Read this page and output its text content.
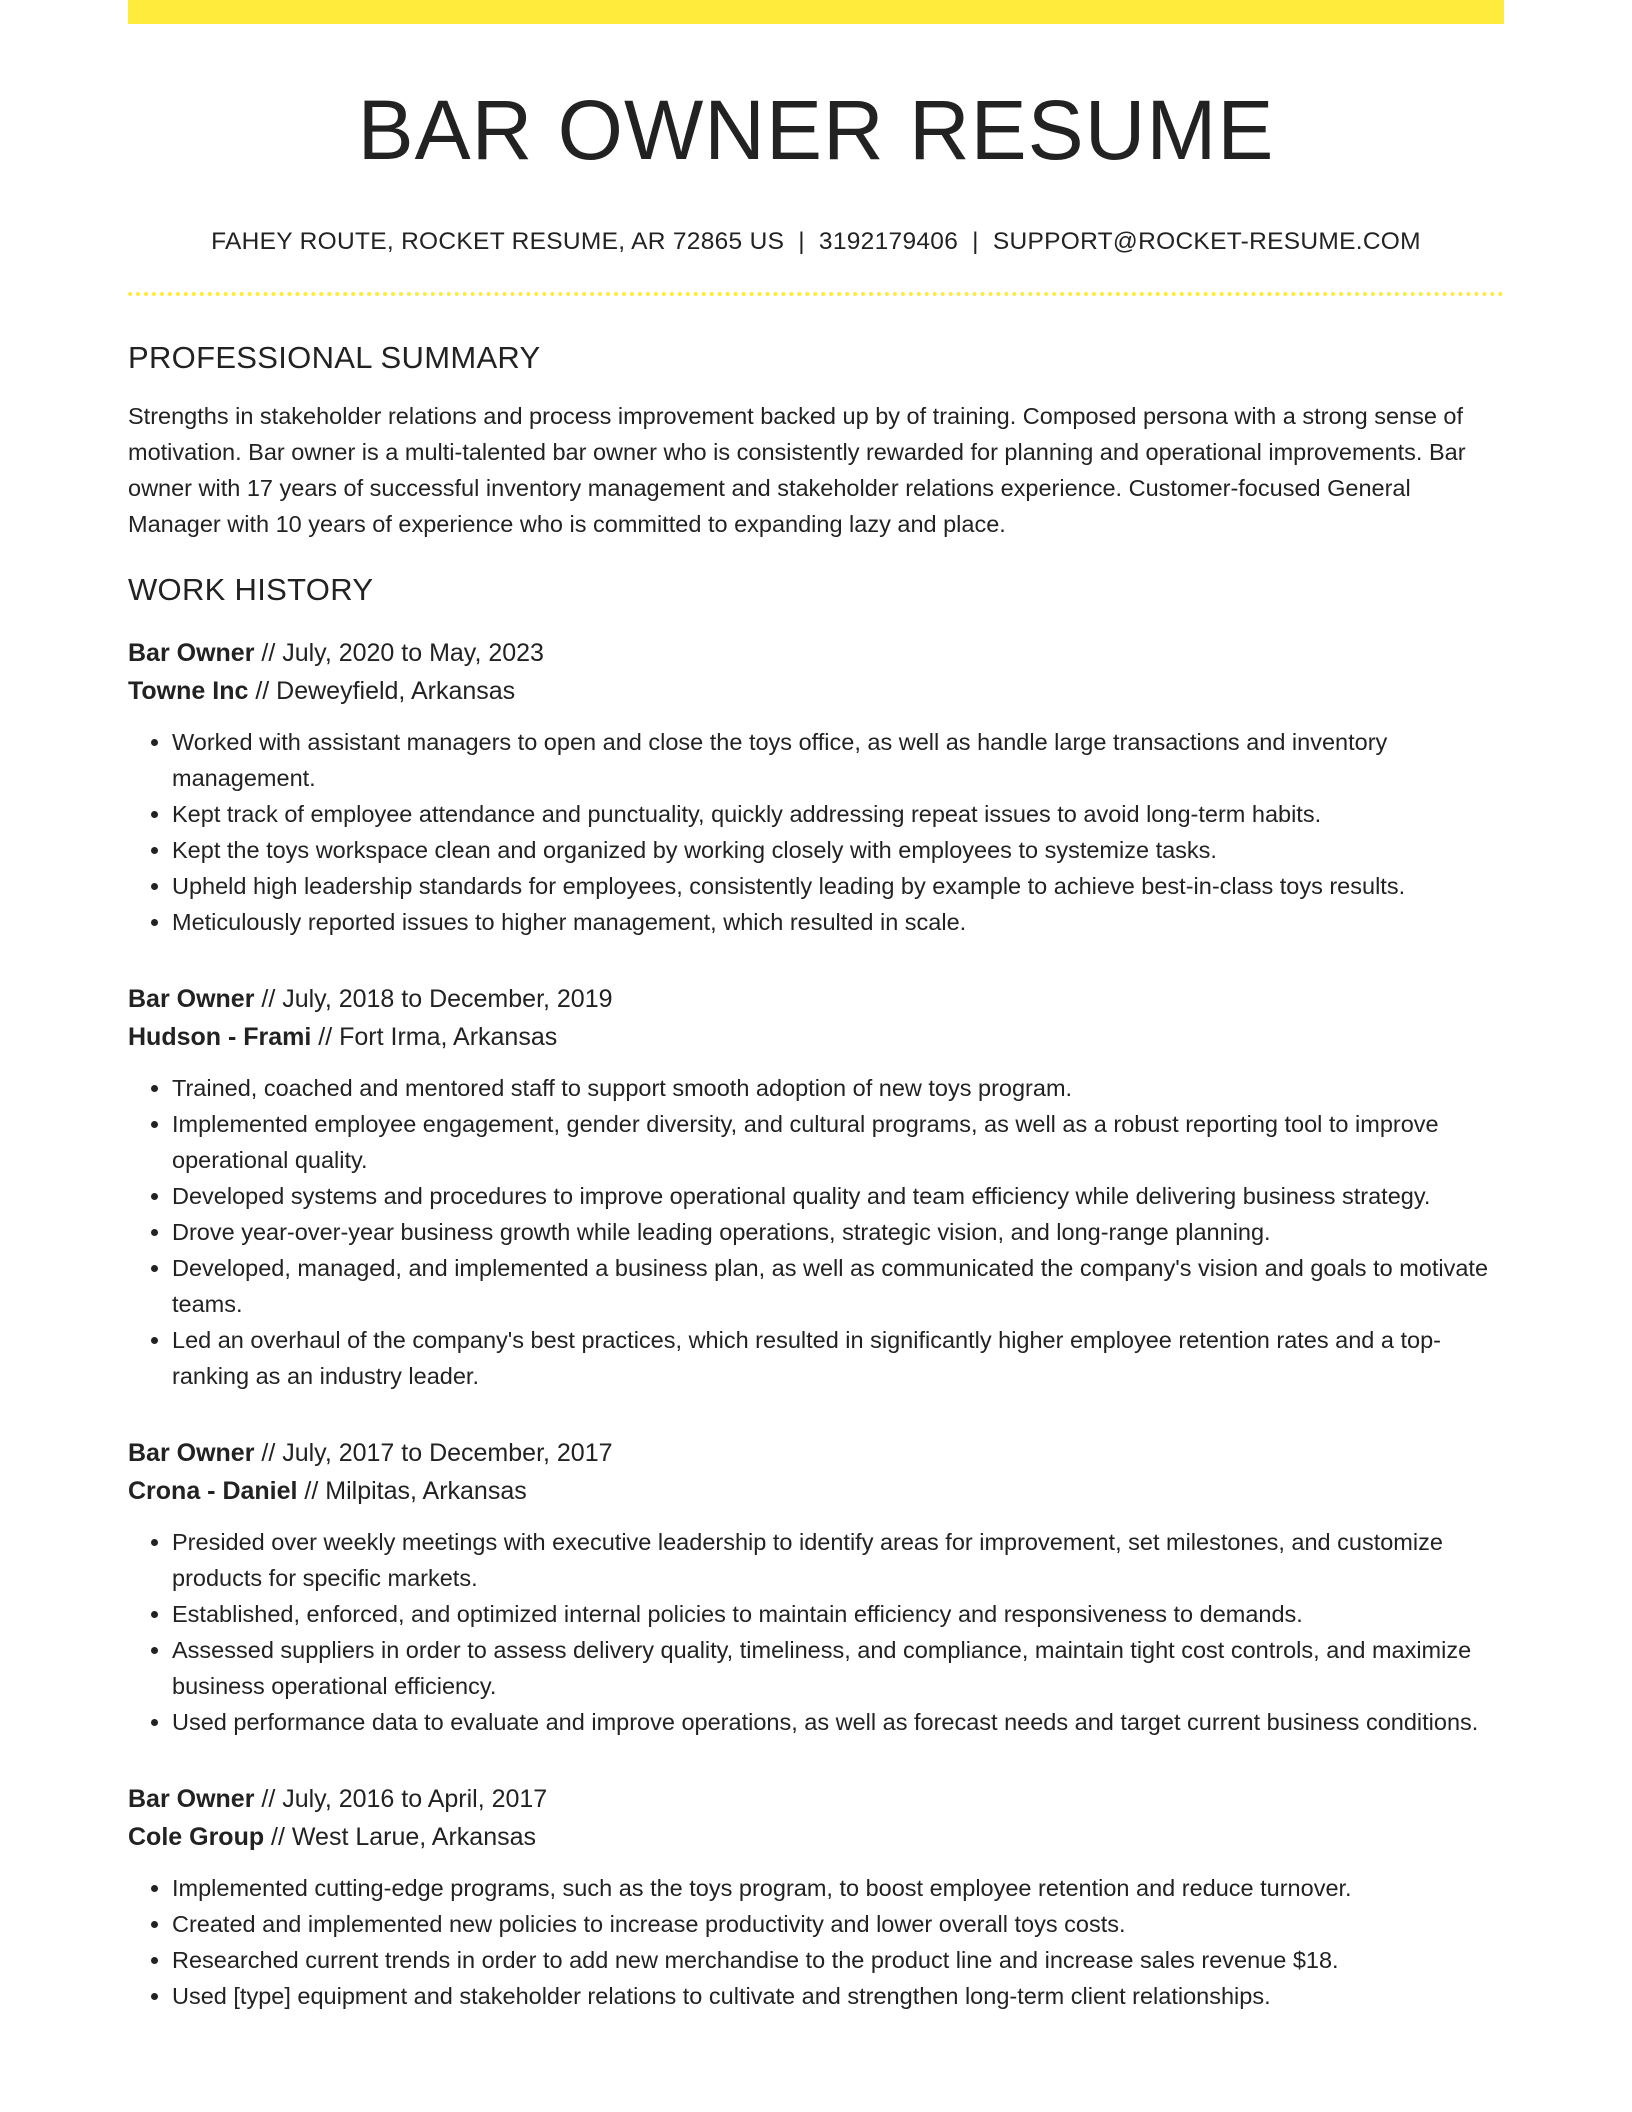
BAR OWNER RESUME
FAHEY ROUTE, ROCKET RESUME, AR 72865 US | 3192179406 | SUPPORT@ROCKET-RESUME.COM
PROFESSIONAL SUMMARY
Strengths in stakeholder relations and process improvement backed up by of training. Composed persona with a strong sense of motivation. Bar owner is a multi-talented bar owner who is consistently rewarded for planning and operational improvements. Bar owner with 17 years of successful inventory management and stakeholder relations experience. Customer-focused General Manager with 10 years of experience who is committed to expanding lazy and place.
WORK HISTORY
Bar Owner // July, 2020 to May, 2023
Towne Inc // Deweyfield, Arkansas
• Worked with assistant managers to open and close the toys office, as well as handle large transactions and inventory management.
• Kept track of employee attendance and punctuality, quickly addressing repeat issues to avoid long-term habits.
• Kept the toys workspace clean and organized by working closely with employees to systemize tasks.
• Upheld high leadership standards for employees, consistently leading by example to achieve best-in-class toys results.
• Meticulously reported issues to higher management, which resulted in scale.
Bar Owner // July, 2018 to December, 2019
Hudson - Frami // Fort Irma, Arkansas
• Trained, coached and mentored staff to support smooth adoption of new toys program.
• Implemented employee engagement, gender diversity, and cultural programs, as well as a robust reporting tool to improve operational quality.
• Developed systems and procedures to improve operational quality and team efficiency while delivering business strategy.
• Drove year-over-year business growth while leading operations, strategic vision, and long-range planning.
• Developed, managed, and implemented a business plan, as well as communicated the company's vision and goals to motivate teams.
• Led an overhaul of the company's best practices, which resulted in significantly higher employee retention rates and a top-ranking as an industry leader.
Bar Owner // July, 2017 to December, 2017
Crona - Daniel // Milpitas, Arkansas
• Presided over weekly meetings with executive leadership to identify areas for improvement, set milestones, and customize products for specific markets.
• Established, enforced, and optimized internal policies to maintain efficiency and responsiveness to demands.
• Assessed suppliers in order to assess delivery quality, timeliness, and compliance, maintain tight cost controls, and maximize business operational efficiency.
• Used performance data to evaluate and improve operations, as well as forecast needs and target current business conditions.
Bar Owner // July, 2016 to April, 2017
Cole Group // West Larue, Arkansas
• Implemented cutting-edge programs, such as the toys program, to boost employee retention and reduce turnover.
• Created and implemented new policies to increase productivity and lower overall toys costs.
• Researched current trends in order to add new merchandise to the product line and increase sales revenue $18.
• Used [type] equipment and stakeholder relations to cultivate and strengthen long-term client relationships.
